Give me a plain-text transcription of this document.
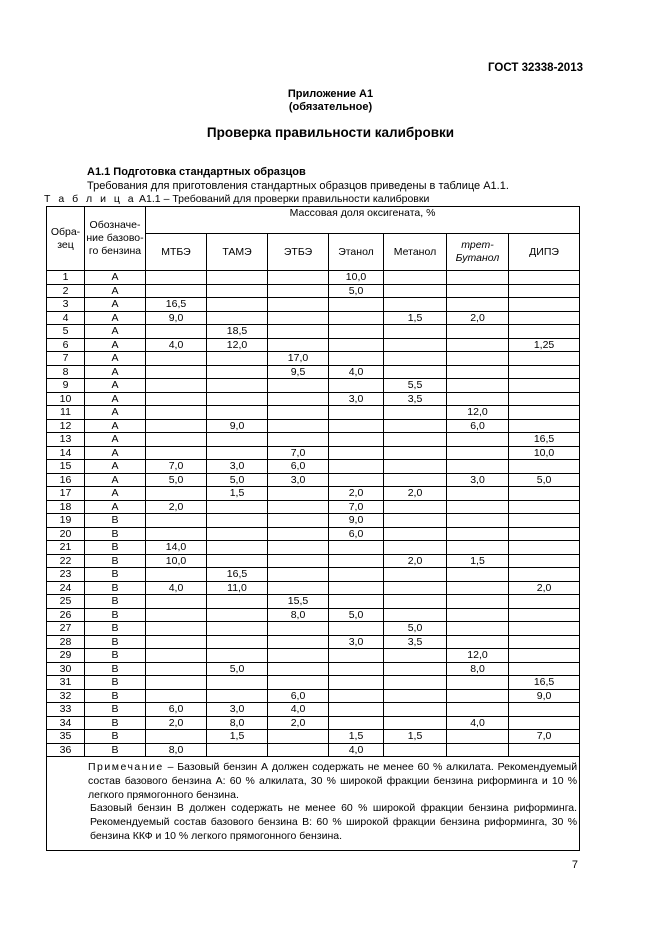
ГОСТ 32338-2013
Приложение А1
(обязательное)
Проверка правильности калибровки
А1.1 Подготовка стандартных образцов
Требования для приготовления стандартных образцов приведены в таблице А1.1.
Т а б л и ц а А1.1 – Требований для проверки правильности калибровки
Обра-зец	Обозначе-ние базово-го бензина	Массовая доля оксигената, %						
		МТБЭ	ТАМЭ	ЭТБЭ	Этанол	Метанол	трет-Бутанол	ДИПЭ
1	А				10,0			
2	А				5,0			
3	А	16,5						
4	А	9,0				1,5	2,0	
5	А		18,5					
6	А	4,0	12,0					1,25
7	А			17,0				
8	А			9,5	4,0			
9	А					5,5		
10	А				3,0	3,5		
11	А						12,0	
12	А		9,0				6,0	
13	А							16,5
14	А			7,0				10,0
15	А	7,0	3,0	6,0				
16	А	5,0	5,0	3,0			3,0	5,0
17	А		1,5		2,0	2,0		
18	А	2,0			7,0			
19	В				9,0			
20	В				6,0			
21	В	14,0						
22	В	10,0				2,0	1,5	
23	В		16,5					
24	В	4,0	11,0					2,0
25	В			15,5				
26	В			8,0	5,0			
27	В					5,0		
28	В				3,0	3,5		
29	В						12,0	
30	В		5,0				8,0	
31	В							16,5
32	В			6,0				9,0
33	В	6,0	3,0	4,0				
34	В	2,0	8,0	2,0			4,0	
35	В		1,5		1,5	1,5		7,0
36	В	8,0			4,0			

Примечание – Базовый бензин А должен содержать не менее 60 % алкилата. Рекомендуемый состав базового бензина А: 60 % алкилата, 30 % широкой фракции бензина риформинга и 10 % легкого прямогонного бензина.
Базовый бензин В должен содержать не менее 60 % широкой фракции бензина риформинга. Рекомендуемый состав базового бензина В: 60 % широкой фракции бензина риформинга, 30 % бензина ККФ и 10 % легкого прямогонного бензина.								
7
